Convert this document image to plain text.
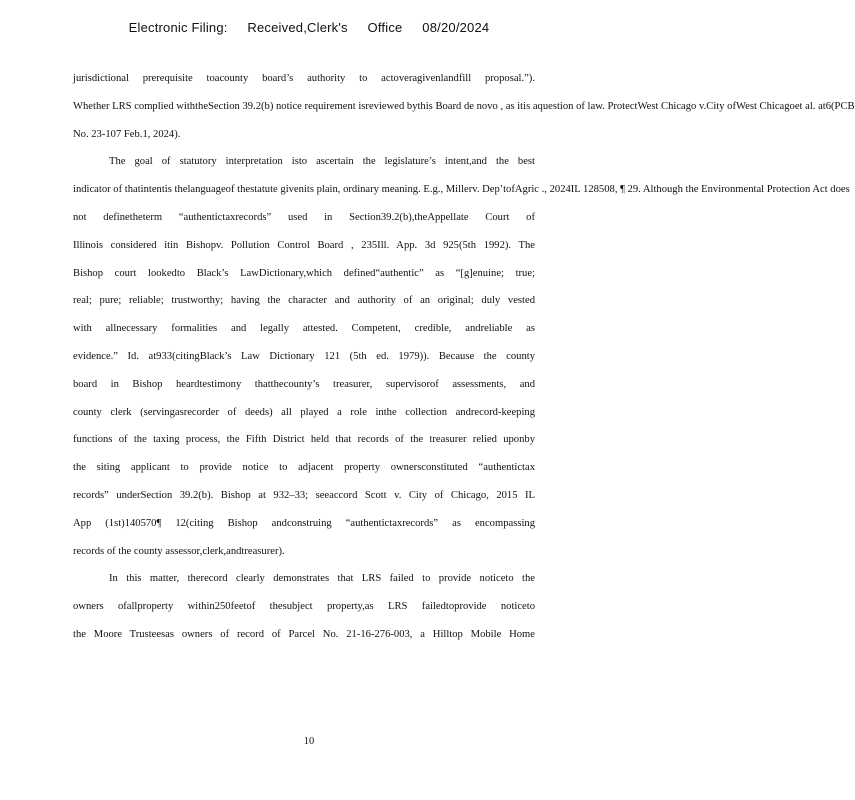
Electronic Filing: Received,Clerk's Office 08/20/2024
jurisdictional prerequisite toacounty board’s authority to actoveragivenlandfill proposal.”).
Whether LRS complied withtheSection 39.2(b) notice requirement isreviewed bythis Board de novo , as itis aquestion of law. ProtectWest Chicago v.City ofWest Chicagoet al. at6(PCB
No. 23-107 Feb.1, 2024).
The goal of statutory interpretation isto ascertain the legislature’s intent,and the best
indicator of thatintentis thelanguageof thestatute givenits plain, ordinary meaning. E.g., Millerv. Dep’tofAgric ., 2024IL 128508, ¶ 29. Although the Environmental Protection Act does
not definetheterm “authentictaxrecords” used in Section39.2(b),theAppellate Court of
Illinois considered itin Bishopv. Pollution Control Board , 235Ill. App. 3d 925(5th 1992). The
Bishop court lookedto Black’s LawDictionary,which defined“authentic” as “[g]enuine; true;
real; pure; reliable; trustworthy; having the character and authority of an original; duly vested
with allnecessary formalities and legally attested. Competent, credible, andreliable as
evidence.” Id. at933(citingBlack’s Law Dictionary 121 (5th ed. 1979)). Because the county
board in Bishop heardtestimony thatthecounty’s treasurer, supervisorof assessments, and
county clerk (servingasrecorder of deeds) all played a role inthe collection andrecord-keeping
functions of the taxing process, the Fifth District held that records of the treasurer relied uponby
the siting applicant to provide notice to adjacent property ownersconstituted “authentictax
records” underSection 39.2(b). Bishop at 932–33; seeaccord Scott v. City of Chicago, 2015 IL
App (1st)140570¶ 12(citing Bishop andconstruing “authentictaxrecords” as encompassing
records of the county assessor,clerk,andtreasurer).
In this matter, therecord clearly demonstrates that LRS failed to provide noticeto the
owners ofallproperty within250feetof thesubject property,as LRS failedtoprovide noticeto
the Moore Trusteesas owners of record of Parcel No. 21-16-276-003, a Hilltop Mobile Home
10
